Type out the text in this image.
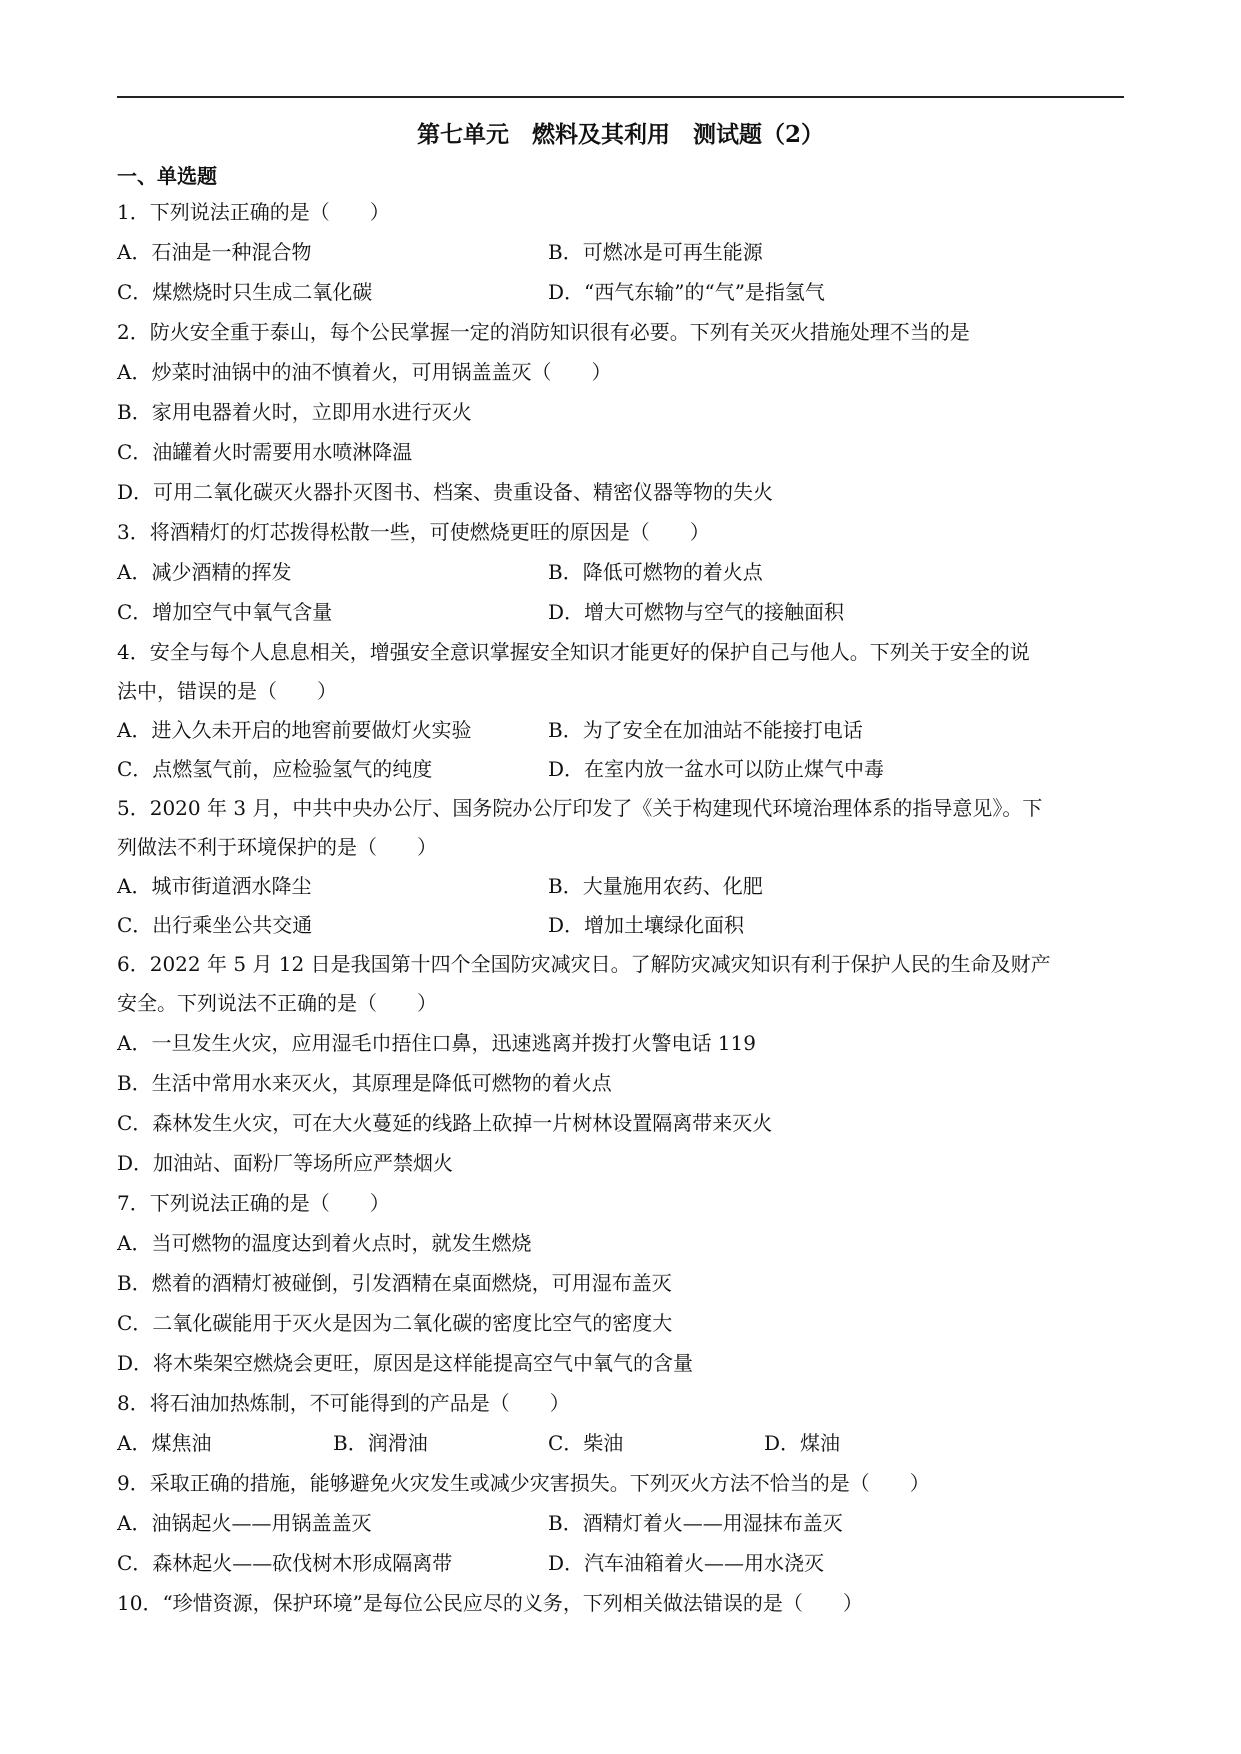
第七单元　燃料及其利用　测试题（2）
一、单选题
1．下列说法正确的是（　　）
A．石油是一种混合物	B．可燃冰是可再生能源
C．煤燃烧时只生成二氧化碳	D．“西气东输”的“气”是指氢气
2．防火安全重于泰山，每个公民掌握一定的消防知识很有必要。下列有关灭火措施处理不当的是
A．炒菜时油锅中的油不慎着火，可用锅盖盖灭（　　）
B．家用电器着火时，立即用水进行灭火
C．油罐着火时需要用水喷淋降温
D．可用二氧化碳灭火器扑灭图书、档案、贵重设备、精密仪器等物的失火
3．将酒精灯的灯芯拨得松散一些，可使燃烧更旺的原因是（　　）
A．减少酒精的挥发	B．降低可燃物的着火点
C．增加空气中氧气含量	D．增大可燃物与空气的接触面积
4．安全与每个人息息相关，增强安全意识掌握安全知识才能更好的保护自己与他人。下列关于安全的说
法中，错误的是（　　）
A．进入久未开启的地窖前要做灯火实验	B．为了安全在加油站不能接打电话
C．点燃氢气前，应检验氢气的纯度	D．在室内放一盆水可以防止煤气中毒
5．2020 年 3 月，中共中央办公厅、国务院办公厅印发了《关于构建现代环境治理体系的指导意见》。下
列做法不利于环境保护的是（　　）
A．城市街道洒水降尘	B．大量施用农药、化肥
C．出行乘坐公共交通	D．增加土壤绿化面积
6．2022 年 5 月 12 日是我国第十四个全国防灾减灾日。了解防灾减灾知识有利于保护人民的生命及财产
安全。下列说法不正确的是（　　）
A．一旦发生火灾，应用湿毛巾捂住口鼻，迅速逃离并拨打火警电话 119
B．生活中常用水来灭火，其原理是降低可燃物的着火点
C．森林发生火灾，可在大火蔓延的线路上砍掉一片树林设置隔离带来灭火
D．加油站、面粉厂等场所应严禁烟火
7．下列说法正确的是（　　）
A．当可燃物的温度达到着火点时，就发生燃烧
B．燃着的酒精灯被碰倒，引发酒精在桌面燃烧，可用湿布盖灭
C．二氧化碳能用于灭火是因为二氧化碳的密度比空气的密度大
D．将木柴架空燃烧会更旺，原因是这样能提高空气中氧气的含量
8．将石油加热炼制，不可能得到的产品是（　　）
A．煤焦油	B．润滑油	C．柴油	D．煤油
9．采取正确的措施，能够避免火灾发生或减少灾害损失。下列灭火方法不恰当的是（　　）
A．油锅起火——用锅盖盖灭	B．酒精灯着火——用湿抹布盖灭
C．森林起火——砍伐树木形成隔离带	D．汽车油箱着火——用水浇灭
10．“珍惜资源，保护环境”是每位公民应尽的义务，下列相关做法错误的是（　　）
